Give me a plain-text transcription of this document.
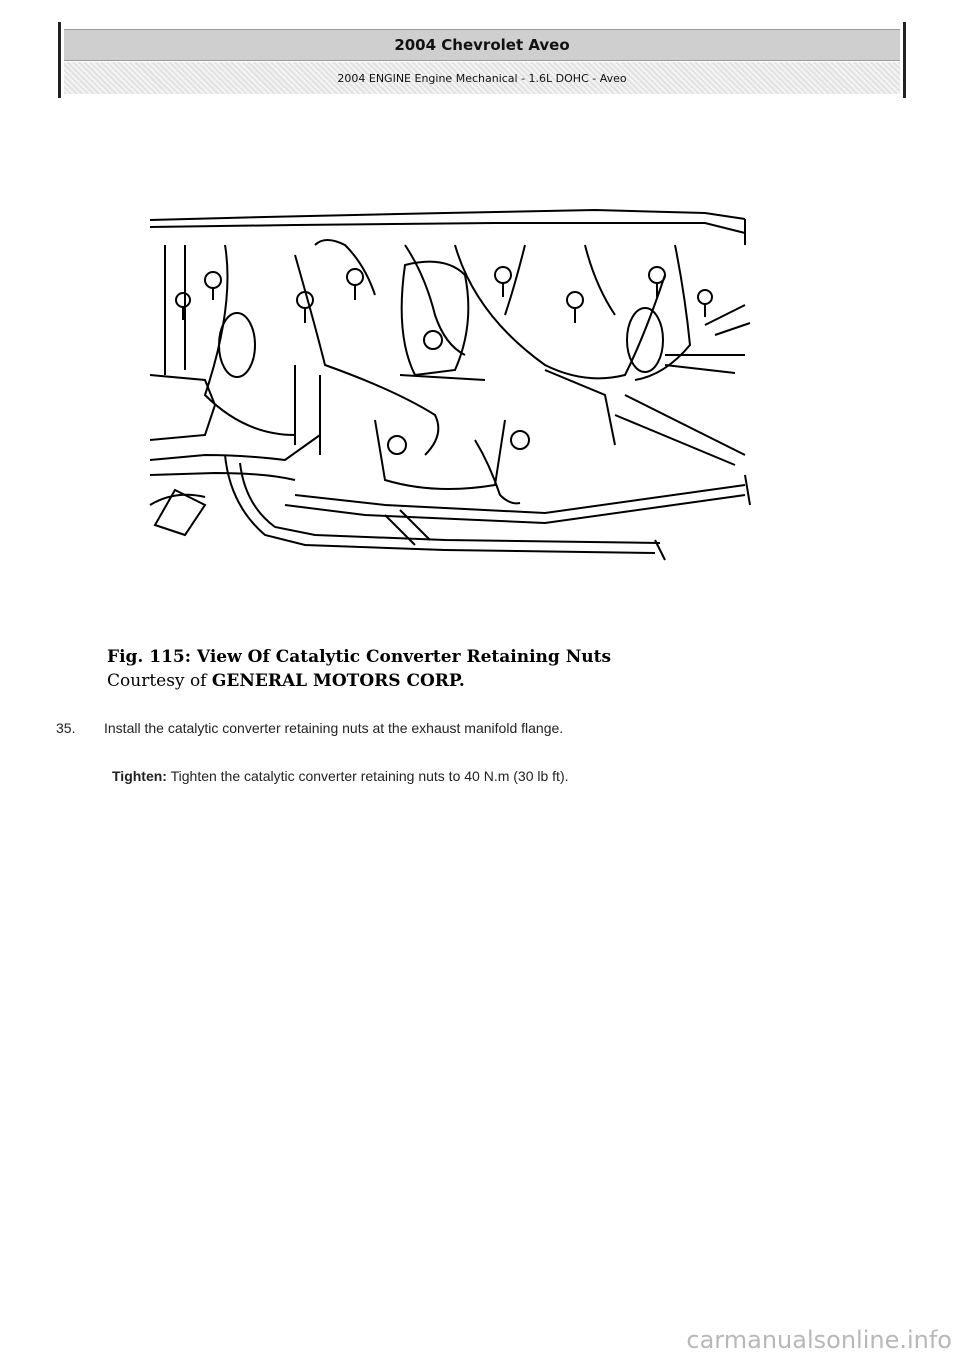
2004 Chevrolet Aveo
2004 ENGINE Engine Mechanical - 1.6L DOHC - Aveo
Fig. 115: View Of Catalytic Converter Retaining Nuts
Courtesy of GENERAL MOTORS CORP.
35. Install the catalytic converter retaining nuts at the exhaust manifold flange.
Tighten: Tighten the catalytic converter retaining nuts to 40 N.m (30 lb ft).
carmanualsonline.info
